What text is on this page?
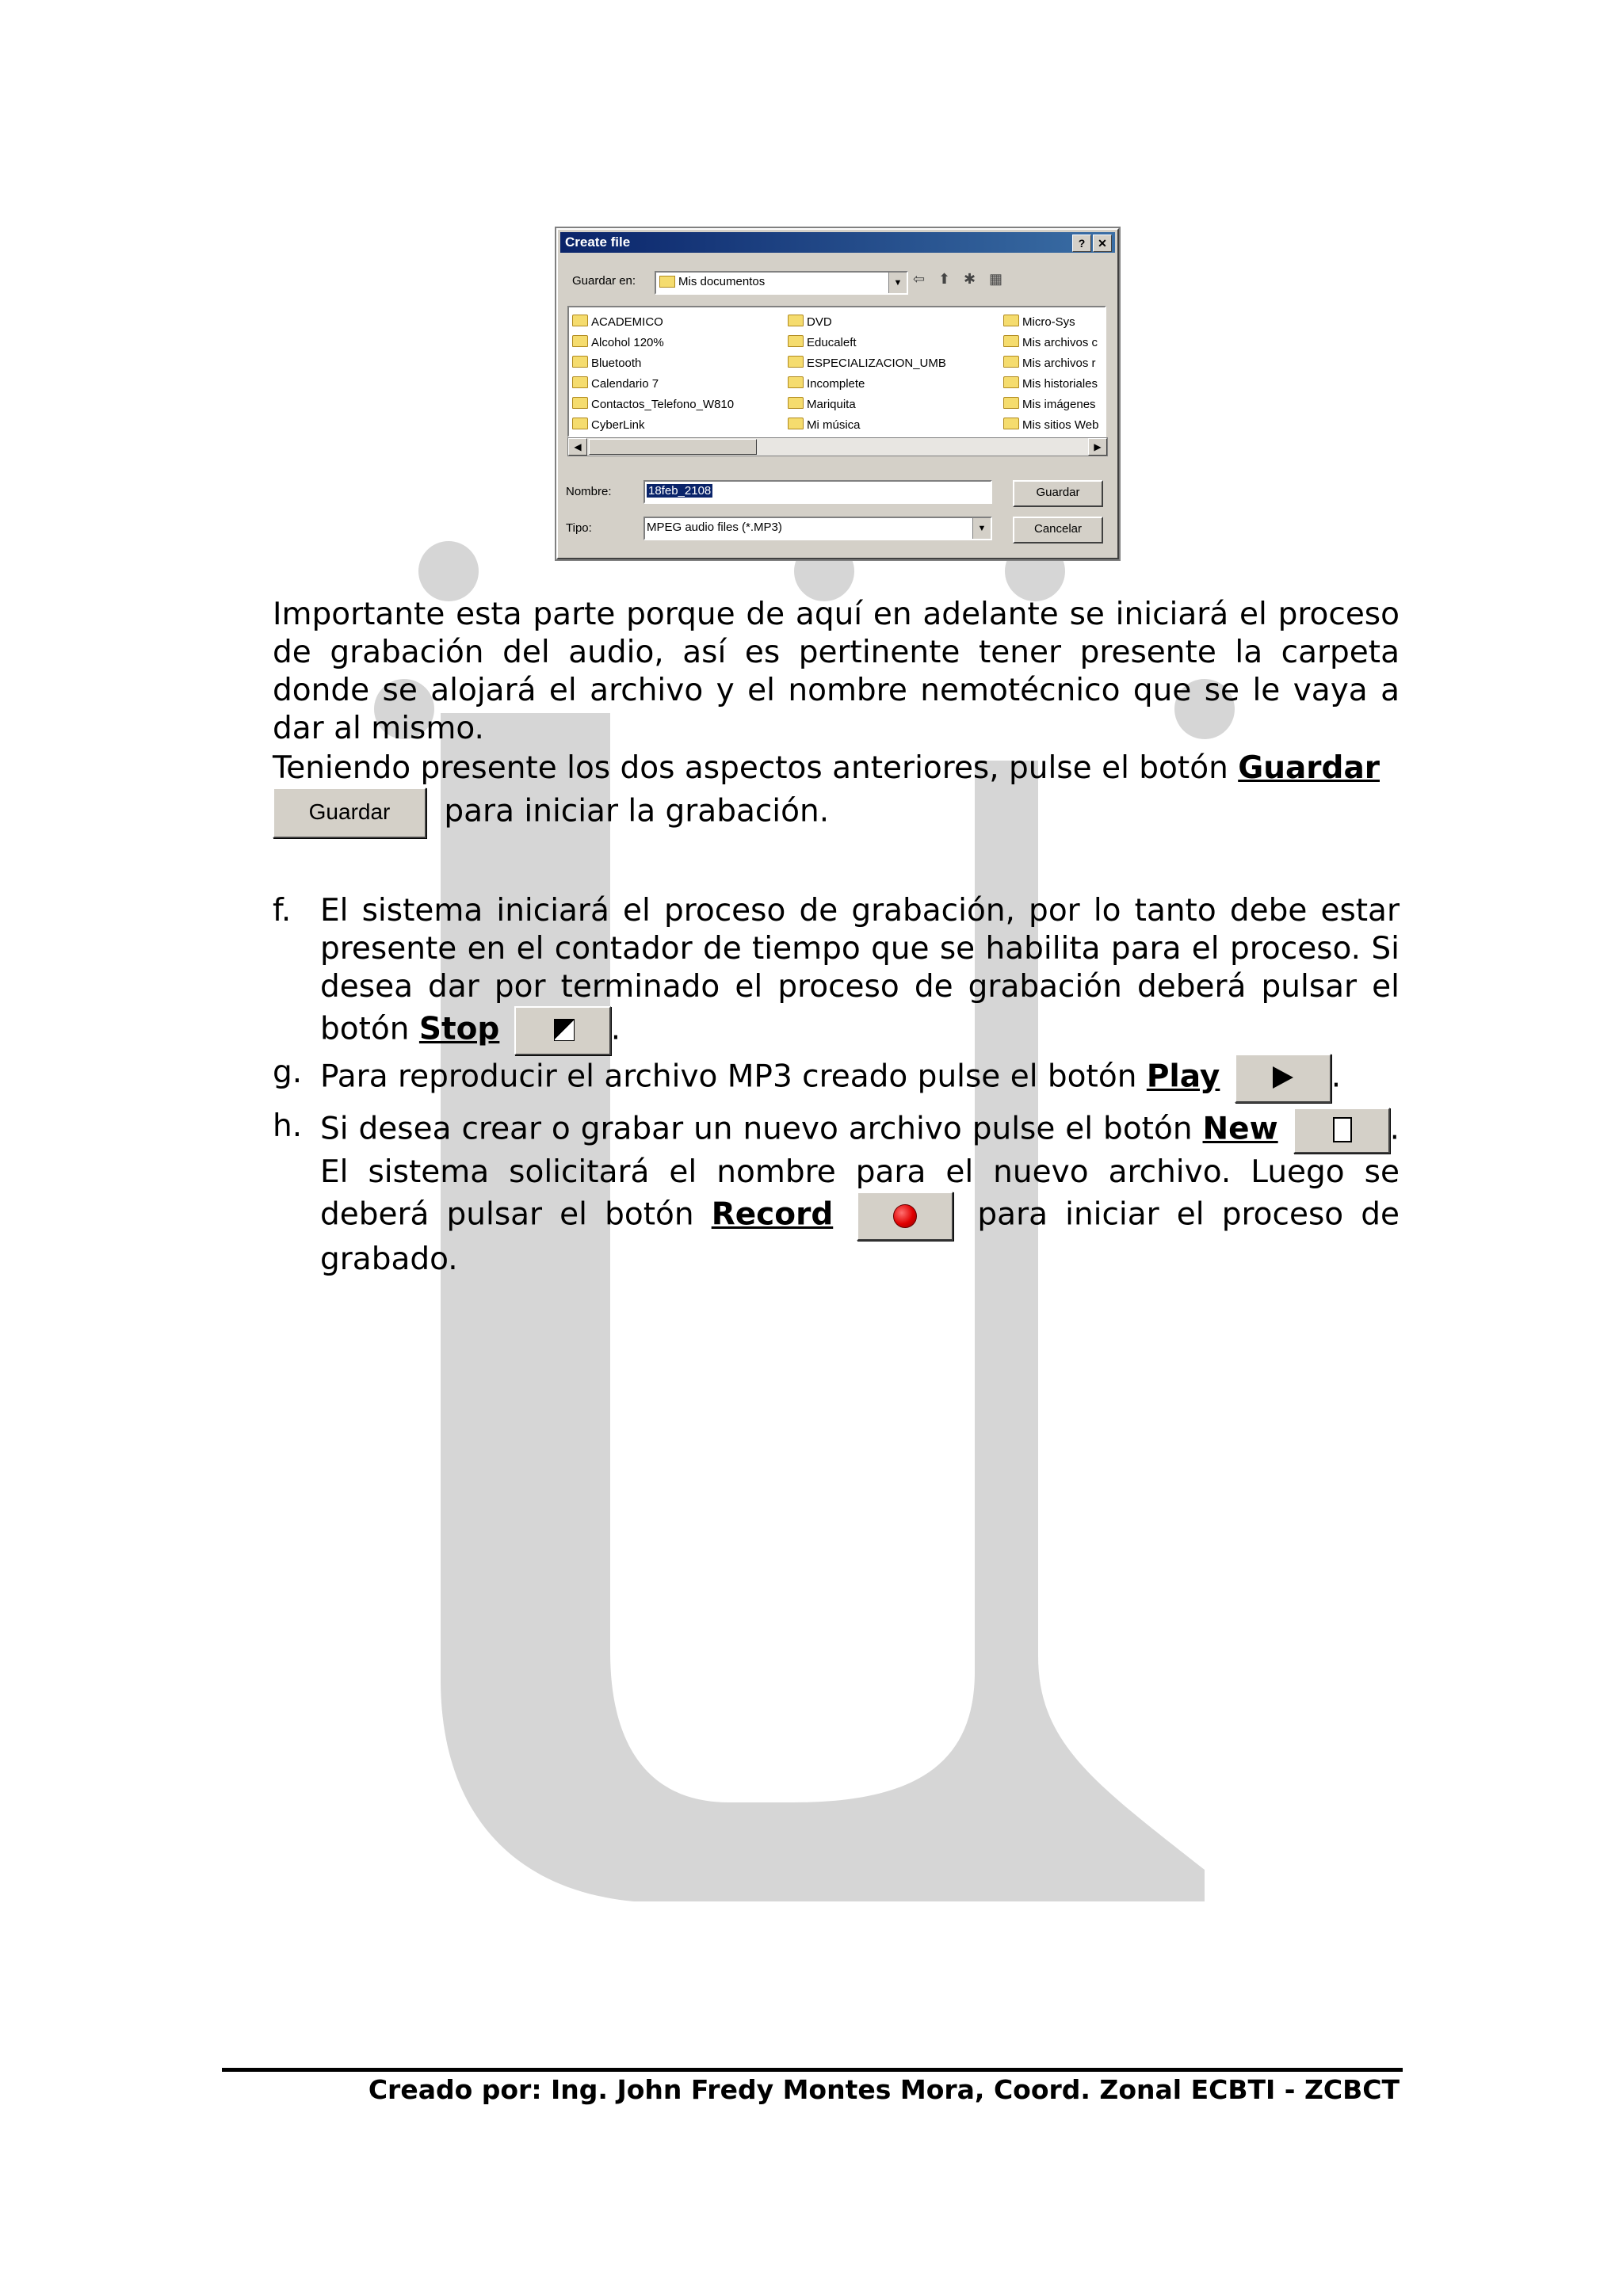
Create file	?	✕
Guardar en:	Mis documentos	▼ ⇦ ⬆ ✱ ▦
ACADEMICO
Alcohol 120%
Bluetooth
Calendario 7
Contactos_Telefono_W810
CyberLink
DVD
Educaleft
ESPECIALIZACION_UMB
Incomplete
Mariquita
Mi música
Micro-Sys
Mis archivos c
Mis archivos r
Mis historiales
Mis imágenes
Mis sitios Web
◀	▶
Nombre:	18feb_2108	Guardar
Tipo:	MPEG audio files (*.MP3)	▼	Cancelar
Importante esta parte porque de aquí en adelante se iniciará el proceso de grabación del audio, así es pertinente tener presente la carpeta donde se alojará el archivo y el nombre nemotécnico que se le vaya a dar al mismo.
Teniendo presente los dos aspectos anteriores, pulse el botón Guardar
Guardar para iniciar la grabación.
f. El sistema iniciará el proceso de grabación, por lo tanto debe estar presente en el contador de tiempo que se habilita para el proceso. Si desea dar por terminado el proceso de grabación deberá pulsar el botón Stop	.
g. Para reproducir el archivo MP3 creado pulse el botón Play	.
h. Si desea crear o grabar un nuevo archivo pulse el botón New	. El sistema solicitará el nombre para el nuevo archivo. Luego se deberá pulsar el botón Record	para iniciar el proceso de grabado.
Creado por: Ing. John Fredy Montes Mora, Coord. Zonal ECBTI - ZCBCT
